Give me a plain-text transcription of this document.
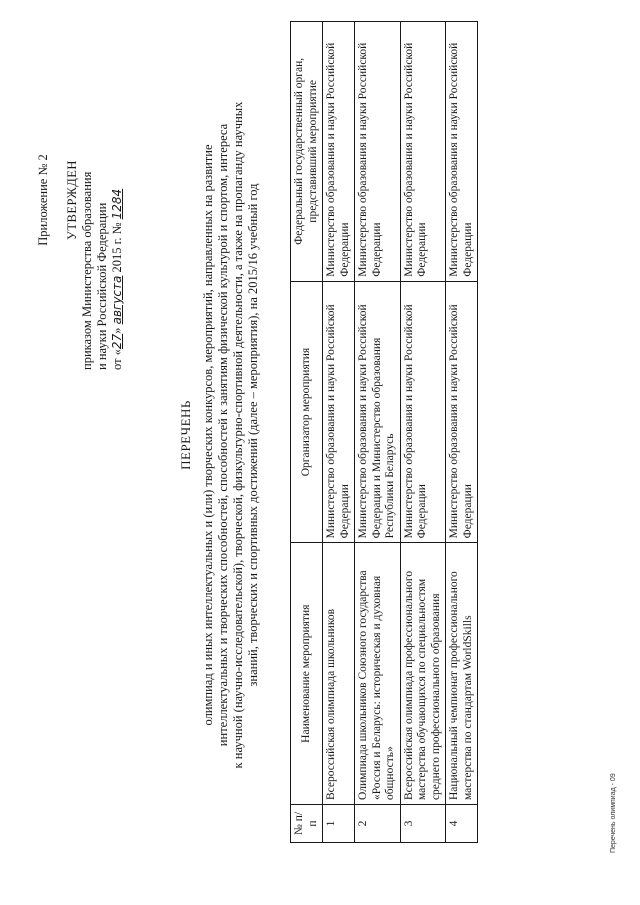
Приложение № 2 УТВЕРЖДЕН приказом Министерства образования и науки Российской Федерации от «27» августа 2015 г. № 1284
ПЕРЕЧЕНЬ олимпиад и иных интеллектуальных и (или) творческих конкурсов, мероприятий, направленных на развитие интеллектуальных и творческих способностей, способностей к занятиям физической культурой и спортом, интереса к научной (научно-исследовательской), творческой, физкультурно-спортивной деятельности, а также на пропаганду научных знаний, творческих и спортивных достижений (далее – мероприятия), на 2015/16 учебный год
№ п/п	Наименование мероприятия	Организатор мероприятия	Федеральный государственный орган, представивший мероприятие
1	Всероссийская олимпиада школьников	Министерство образования и науки Российской Федерации	Министерство образования и науки Российской Федерации
2	Олимпиада школьников Союзного государства «Россия и Беларусь: историческая и духовная общность»	Министерство образования и науки Российской Федерации и Министерство образования Республики Беларусь	Министерство образования и науки Российской Федерации
3	Всероссийская олимпиада профессионального мастерства обучающихся по специальностям среднего профессионального образования	Министерство образования и науки Российской Федерации	Министерство образования и науки Российской Федерации
4	Национальный чемпионат профессионального мастерства по стандартам WorldSkills	Министерство образования и науки Российской Федерации	Министерство образования и науки Российской Федерации
Перечень олимпиад - 09
